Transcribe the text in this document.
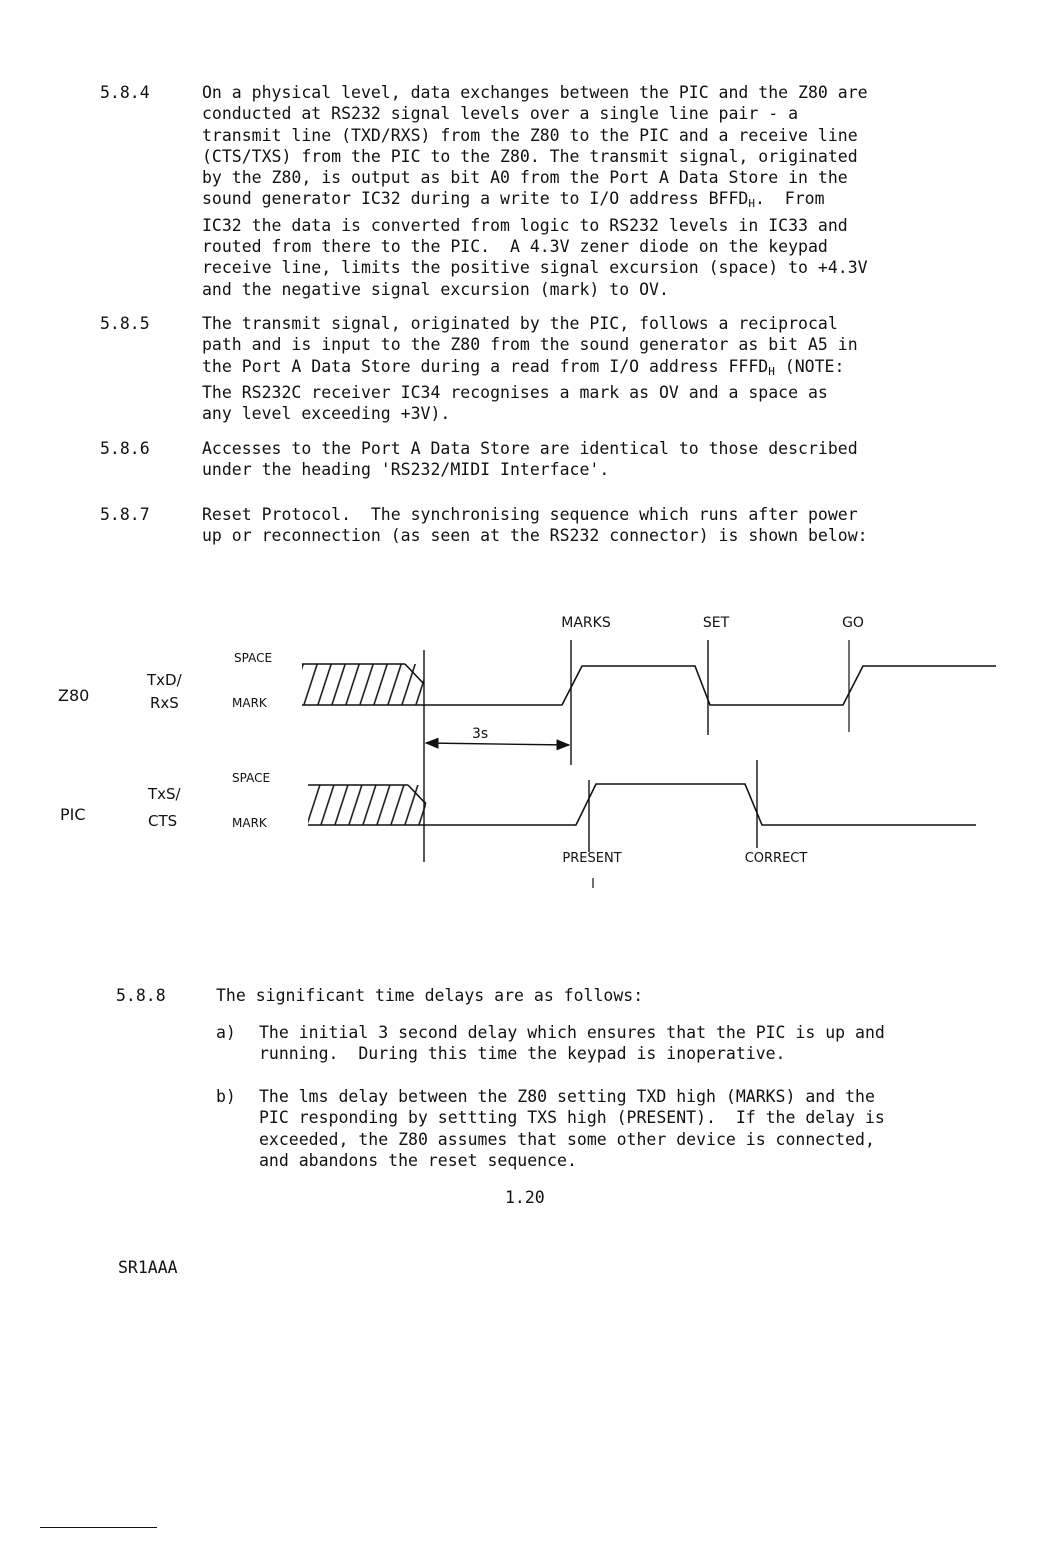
5.8.4	On a physical level, data exchanges between the PIC and the Z80 are
conducted at RS232 signal levels over a single line pair - a
transmit line (TXD/RXS) from the Z80 to the PIC and a receive line
(CTS/TXS) from the PIC to the Z80. The transmit signal, originated
by the Z80, is output as bit A0 from the Port A Data Store in the
sound generator IC32 during a write to I/O address $BFFD_H$.  From
IC32 the data is converted from logic to RS232 levels in IC33 and
routed from there to the PIC.  A 4.3V zener diode on the keypad
receive line, limits the positive signal excursion (space) to +4.3V
and the negative signal excursion (mark) to OV.
5.8.5	The transmit signal, originated by the PIC, follows a reciprocal
path and is input to the Z80 from the sound generator as bit A5 in
the Port A Data Store during a read from I/O address $FFFD_H$ (NOTE:
The RS232C receiver IC34 recognises a mark as OV and a space as
any level exceeding +3V).
5.8.6	Accesses to the Port A Data Store are identical to those described
under the heading 'RS232/MIDI Interface'.
5.8.7	Reset Protocol.  The synchronising sequence which runs after power
up or reconnection (as seen at the RS232 connector) is shown below:
MARKS	SET	GO
Z80
TxD/
RxS
SPACE
MARK
PIC
TxS/
CTS
SPACE
MARK
3s
PRESENT	CORRECT
5.8.8	The significant time delays are as follows:
a) The initial 3 second delay which ensures that the PIC is up and
running.  During this time the keypad is inoperative.
b) The lms delay between the Z80 setting TXD high (MARKS) and the
PIC responding by settting TXS high (PRESENT).  If the delay is
exceeded, the Z80 assumes that some other device is connected,
and abandons the reset sequence.
1.20
SR1AAA
